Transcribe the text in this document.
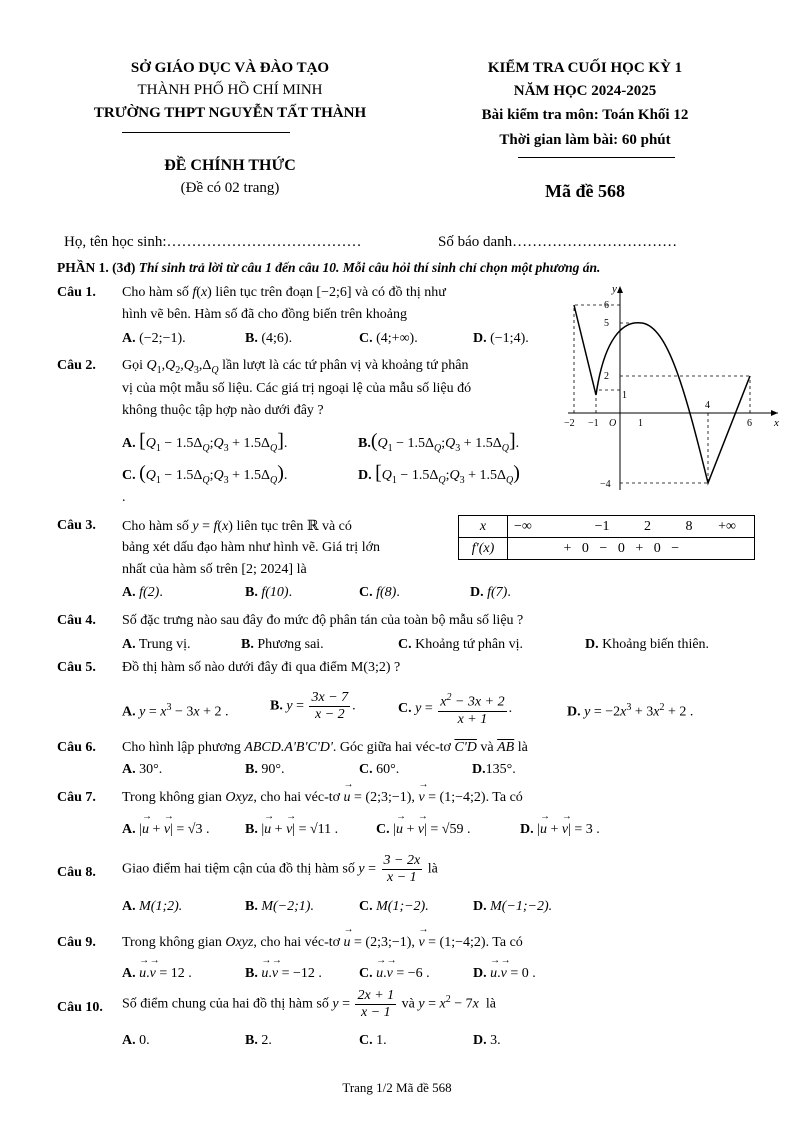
SỞ GIÁO DỤC VÀ ĐÀO TẠO
THÀNH PHỐ HỒ CHÍ MINH
TRƯỜNG THPT NGUYỄN TẤT THÀNH
ĐỀ CHÍNH THỨC
(Đề có 02 trang)
KIỂM TRA CUỐI HỌC KỲ 1
NĂM HỌC 2024-2025
Bài kiểm tra môn: Toán Khối 12
Thời gian làm bài: 60 phút
Mã đề 568
Họ, tên học sinh:…………………………………	Số báo danh……………………………
PHẦN 1. (3đ) Thí sinh trả lời từ câu 1 đến câu 10. Mỗi câu hỏi thí sinh chỉ chọn một phương án.
Câu 1. Cho hàm số f(x) liên tục trên đoạn [−2;6] và có đồ thị như
hình vẽ bên. Hàm số đã cho đồng biến trên khoảng
A. (−2;−1).	B. (4;6).	C. (4;+∞).	D. (−1;4).
y
x
−2 −1 O 1
4
6
6
5
2
1
−4
Câu 2. Gọi $Q_1,Q_2,Q_3,\Delta_Q$ lần lượt là các tứ phân vị và khoảng tứ phân
vị của một mẫu số liệu. Các giá trị ngoại lệ của mẫu số liệu đó
không thuộc tập hợp nào dưới đây ?
A. [$Q_1$ − $1.5\Delta_Q;Q_3 + 1.5\Delta_Q$].	$B.(Q_1$ − $1.5\Delta_Q;Q_3 + 1.5\Delta_Q$].
C. ($Q_1$ − $1.5\Delta_Q;Q_3 + 1.5\Delta_Q$).	D. [$Q_1$ − $1.5\Delta_Q;Q_3 + 1.5\Delta_Q$)
.
Câu 3. Cho hàm số y = f(x) liên tục trên ℝ và có
bảng xét dấu đạo hàm như hình vẽ. Giá trị lớn
nhất của hàm số trên [2; 2024] là
x	−∞ −1 2 8 +∞
f′(x)	+ 0 − 0 + 0 −
A. f(2).	B. f(10).	C. f(8).	D. f(7).
Câu 4. Số đặc trưng nào sau đây đo mức độ phân tán của toàn bộ mẫu số liệu ?
A. Trung vị.	B. Phương sai.	C. Khoảng tứ phân vị.	D. Khoảng biến thiên.
Câu 5. Đồ thị hàm số nào dưới đây đi qua điểm M(3;2) ?
A. $y = x^3 - 3x + 2$ .	B. $y = \frac{3x - 7}{x - 2}$ .	C. $y = \frac{x^2 - 3x + 2}{x + 1}$ .	D. $y = -2x^3 + 3x^2 + 2$ .
Câu 6. Cho hình lập phương ABCD.A'B'C'D'. Góc giữa hai véc-tơ C'D và $\overline{AB}$ là
A. 30°.	B. 90°.	C. 60°.	D.135°.
Câu 7. Trong không gian Oxyz, cho hai véc-tơ → u = (2;3;−1), → v = (1;−4;2). Ta có
A. |→ u + → v| = √3 .	B. |→ u + → v| = √11 .	C. |→ u + → v| = √59 .	D. |→ u + → v| = 3 .
Câu 8. Giao điểm hai tiệm cận của đồ thị hàm số $y = \frac{3 - 2x}{x - 1}$ là
A. M(1;2).	B. M(−2;1).	C. M(1;−2).	D. M(−1;−2).
Câu 9. Trong không gian Oxyz, cho hai véc-tơ → u = (2;3;−1), → v = (1;−4;2). Ta có
A. → u.→ v = 12 .	B. → u.→ v = −12 .	C. → u.→ v = −6 .	D. → u.→ v = 0 .
Câu 10. Số điểm chung của hai đồ thị hàm số $y = \frac{2x + 1}{x - 1}$ và $y = x^2 - 7x$ là
A. 0.	B. 2.	C. 1.	D. 3.
Trang 1/2 Mã đề 568
